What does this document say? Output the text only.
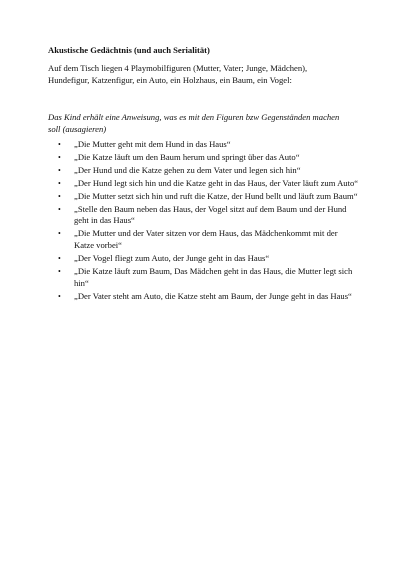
Akustische Gedächtnis (und auch Serialität)

Auf dem Tisch liegen 4 Playmobilfiguren (Mutter, Vater; Junge, Mädchen), Hundefigur, Katzenfigur, ein Auto, ein Holzhaus, ein Baum, ein Vogel:

Das Kind erhält eine Anweisung, was es mit den Figuren bzw Gegenständen machen soll (ausagieren)

• „Die Mutter geht mit dem Hund in das Haus“
• „Die Katze läuft um den Baum herum und springt über das Auto“
• „Der Hund und die Katze gehen zu dem Vater und legen sich hin“
• „Der Hund legt sich hin und die Katze geht in das Haus, der Vater läuft zum Auto“
• „Die Mutter setzt sich hin und ruft die Katze, der Hund bellt und läuft zum Baum“
• „Stelle den Baum neben das Haus, der Vogel sitzt auf dem Baum und der Hund geht in das Haus“
• „Die Mutter und der Vater sitzen vor dem Haus, das Mädchenkommt mit der Katze vorbei“
• „Der Vogel fliegt zum Auto, der Junge geht in das Haus“
• „Die Katze läuft zum Baum, Das Mädchen geht in das Haus, die Mutter legt sich hin“
• „Der Vater steht am Auto, die Katze steht am Baum, der Junge geht in das Haus“
